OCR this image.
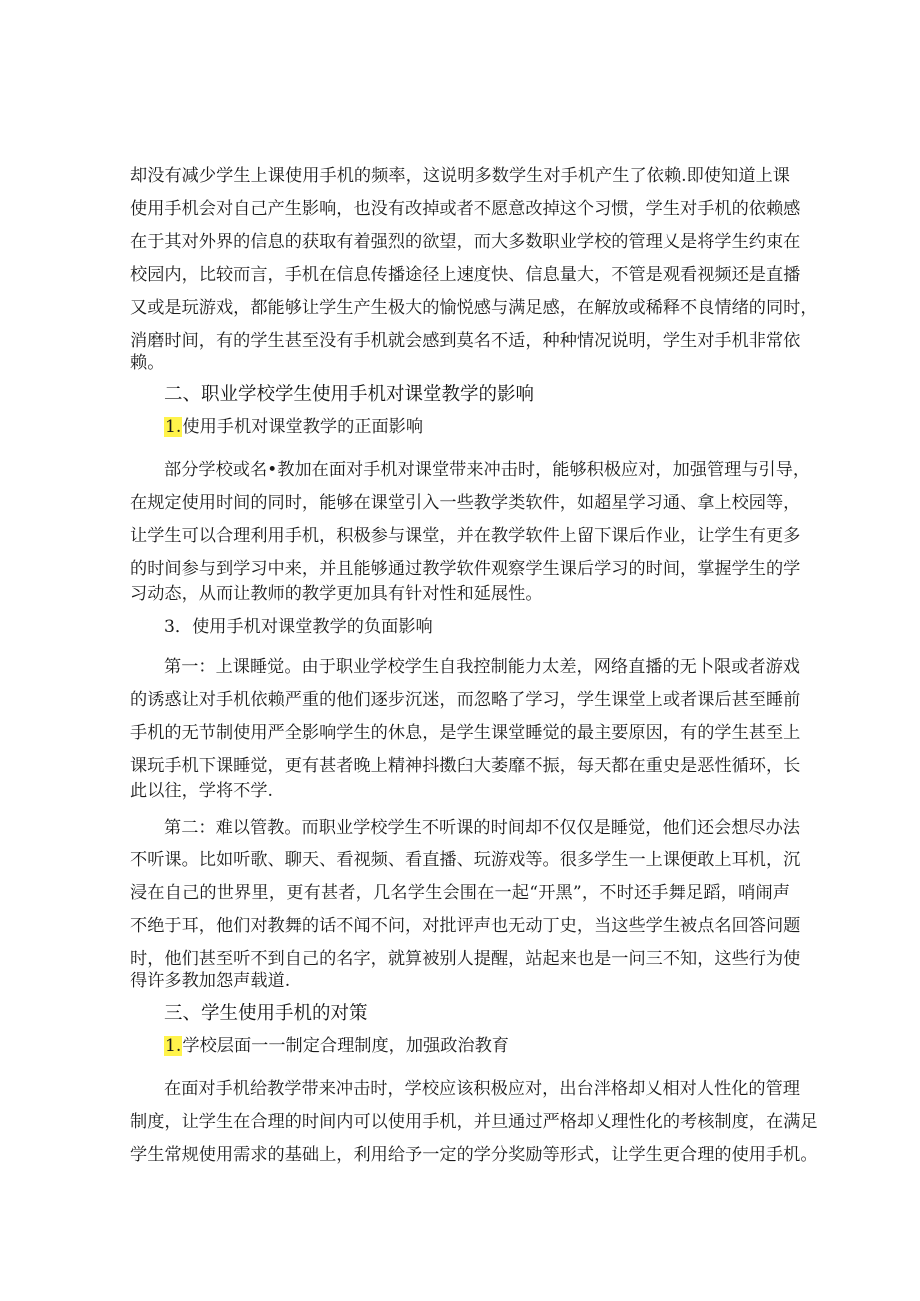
却没有减少学生上课使用手机的频率，这说明多数学生对手机产生了依赖.即使知道上课
使用手机会对自己产生影响，也没有改掉或者不愿意改掉这个习惯，学生对手机的依赖感
在于其对外界的信息的获取有着强烈的欲望，而大多数职业学校的管理乂是将学生约束在
校园内，比较而言，手机在信息传播途径上速度快、信息量大，不管是观看视频还是直播
又或是玩游戏，都能够让学生产生极大的愉悦感与满足感，在解放或稀释不良情绪的同时，
消磨时间，有的学生甚至没有手机就会感到莫名不适，种种情况说明，学生对手机非常依
赖。
二、职业学校学生使用手机对课堂教学的影响
1.使用手机对课堂教学的正面影响
部分学校或名•教加在面对手机对课堂带来冲击时，能够积极应对，加强管理与引导，
在规定使用时间的同时，能够在课堂引入一些教学类软件，如超星学习通、拿上校园等，
让学生可以合理利用手机，积极参与课堂，并在教学软件上留下课后作业，让学生有更多
的时间参与到学习中来，并且能够通过教学软件观察学生课后学习的时间，掌握学生的学
习动态，从而让教师的教学更加具有针对性和延展性。
3．使用手机对课堂教学的负面影响
第一：上课睡觉。由于职业学校学生自我控制能力太差，网络直播的无卜限或者游戏
的诱惑让对手机依赖严重的他们逐步沉迷，而忽略了学习，学生课堂上或者课后甚至睡前
手机的无节制使用严全影响学生的休息，是学生课堂睡觉的最主要原因，有的学生甚至上
课玩手机下课睡觉，更有甚者晚上精神抖擞臼大萎靡不振，每天都在重史是恶性循环，长
此以往，学将不学.
第二：难以管教。而职业学校学生不听课的时间却不仅仅是睡觉，他们还会想尽办法
不听课。比如听歌、聊天、看视频、看直播、玩游戏等。很多学生一上课便敢上耳机，沉
浸在自己的世界里，更有甚者，几名学生会围在一起“开黑”，不时还手舞足蹈，哨闹声
不绝于耳，他们对教舞的话不闻不问，对批评声也无动丁史，当这些学生被点名回答问题
时，他们甚至听不到自己的名字，就算被别人提醒，站起来也是一问三不知，这些行为使
得许多教加怨声载道.
三、学生使用手机的对策
1.学校层面一一制定合理制度，加强政治教育
在面对手机给教学带来冲击时，学校应该积极应对，出台泮格却乂相对人性化的管理
制度，让学生在合理的时间内可以使用手机，并旦通过严格却乂理性化的考核制度，在满足
学生常规使用需求的基础上，利用给予一定的学分奖励等形式，让学生更合理的使用手机。
